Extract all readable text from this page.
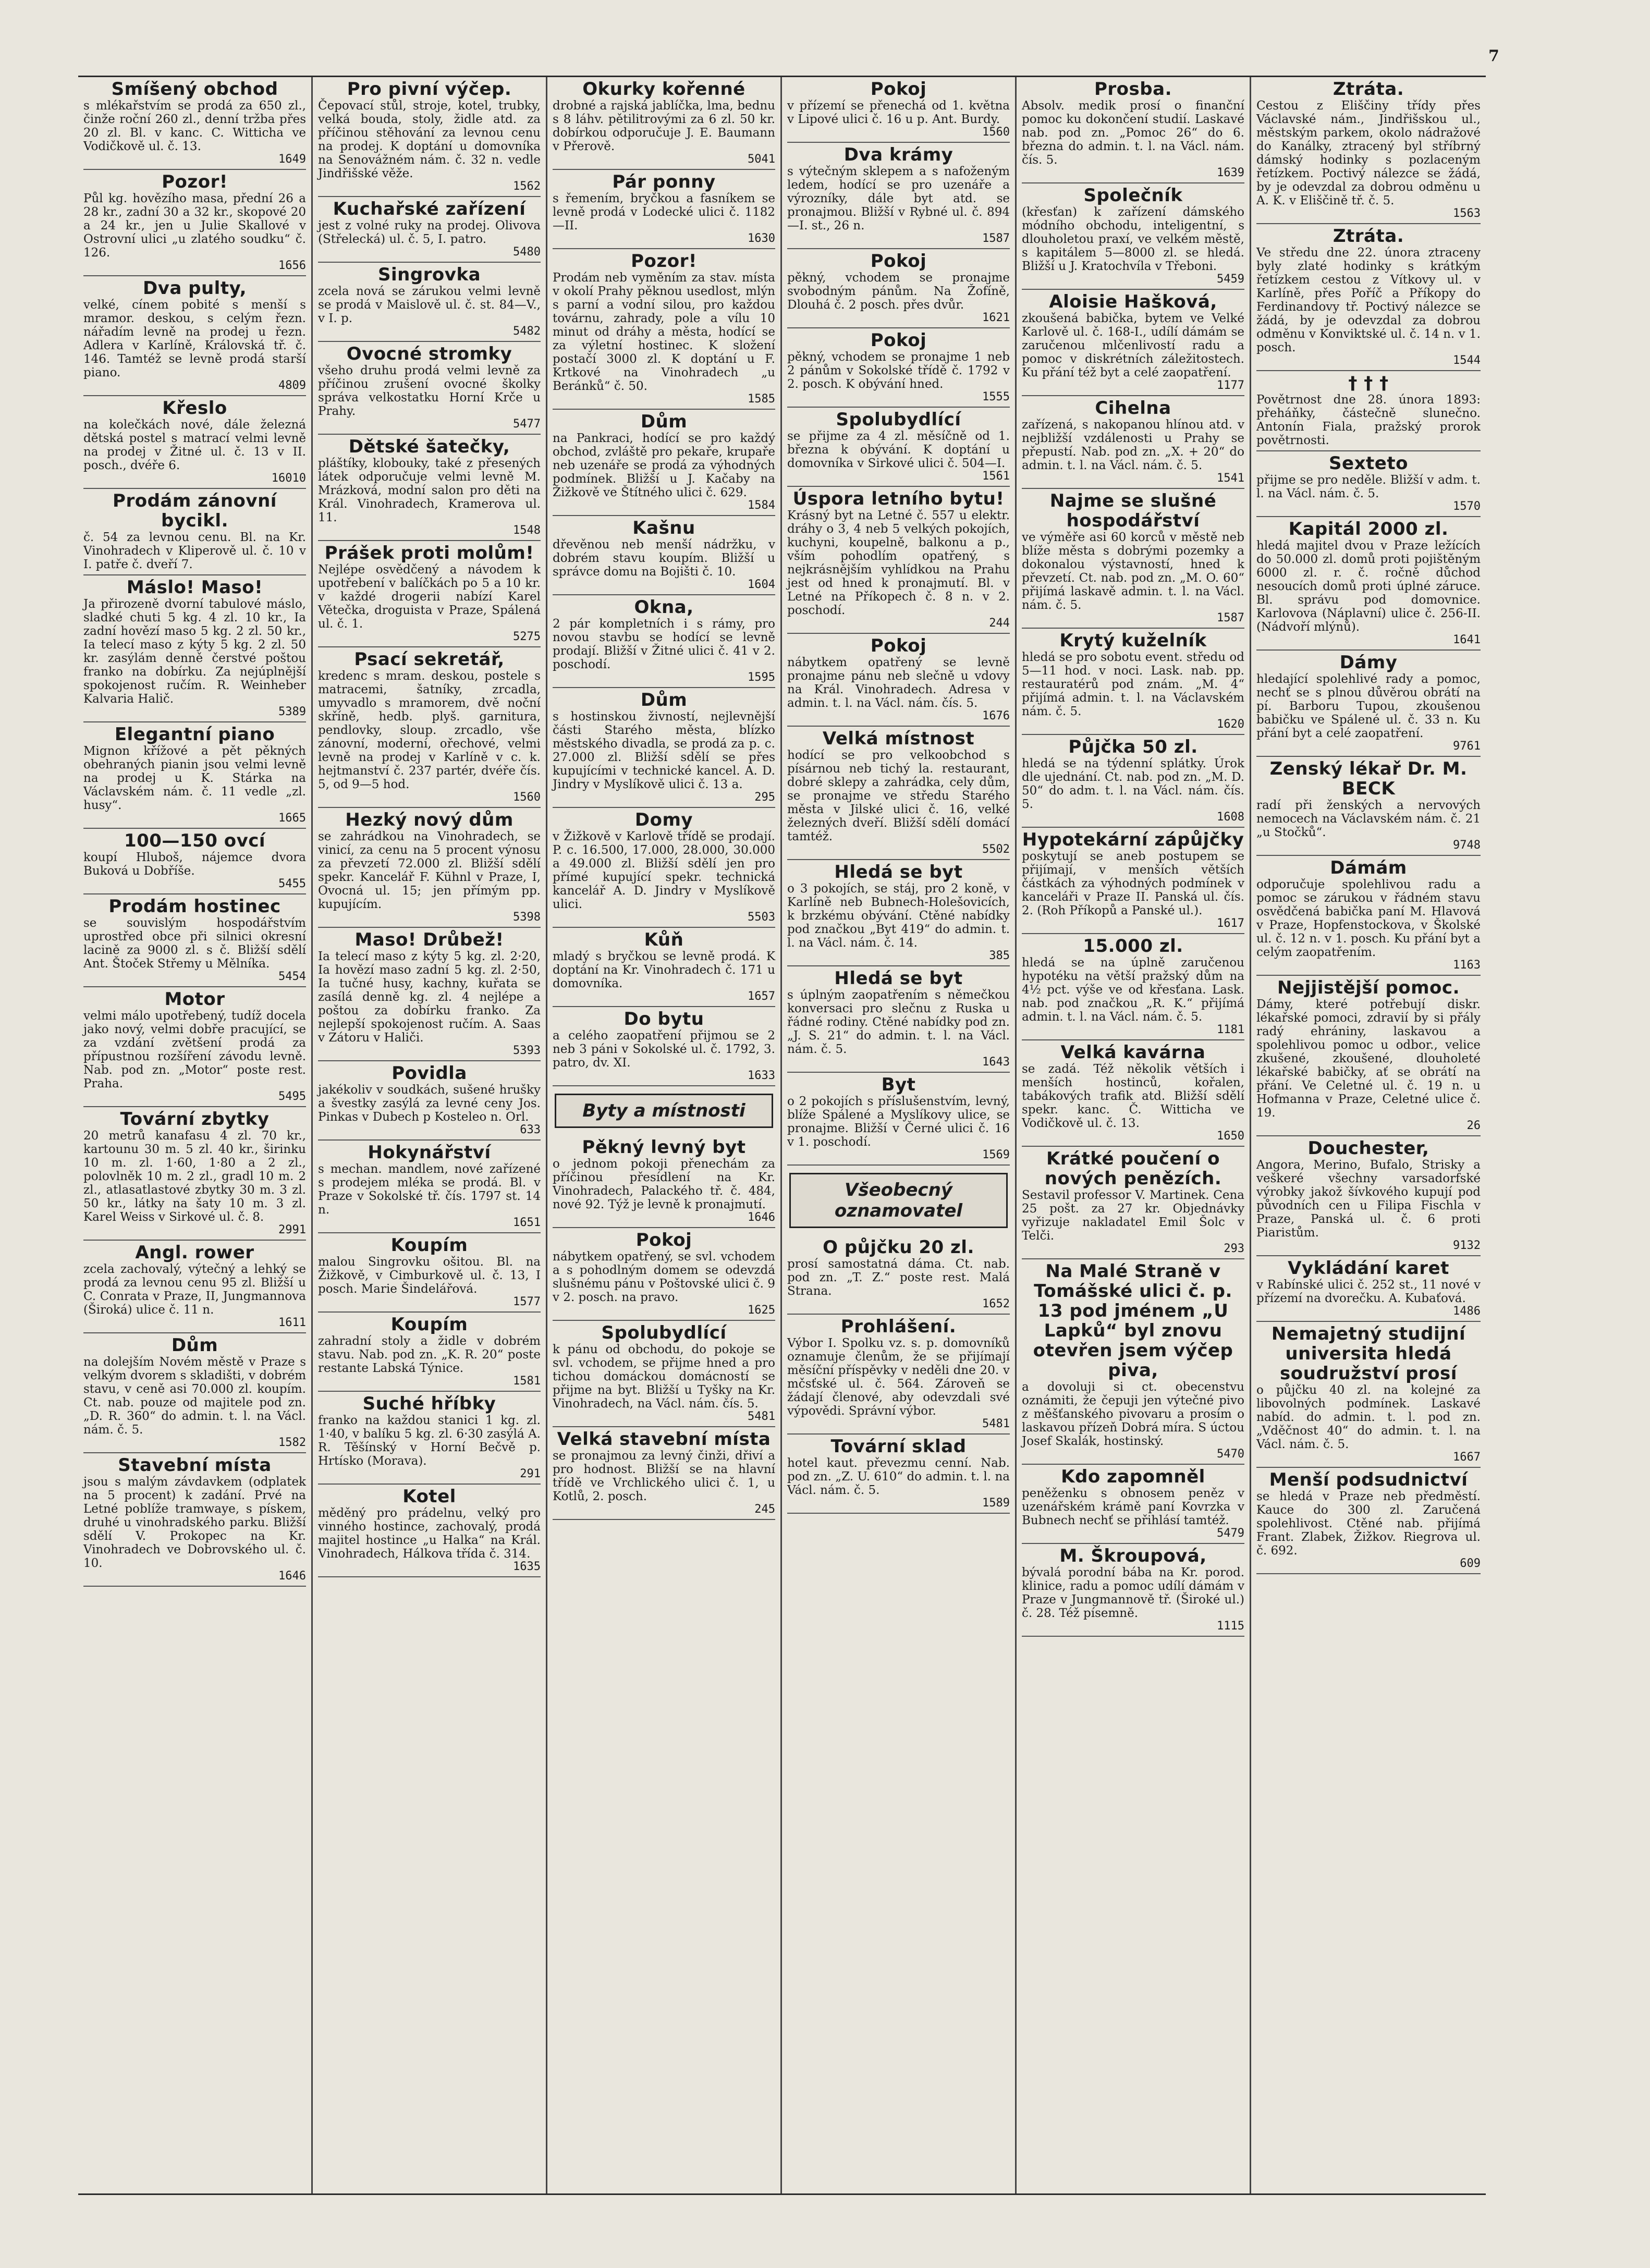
7
Smíšený obchod

s mlékařstvím se prodá za 650 zl., činže roční 260 zl., denní tržba přes 20 zl. Bl. v kanc. C. Witticha ve Vodičkově ul. č. 13.

1649
Pozor!

Půl kg. hovězího masa, přední 26 a 28 kr., zadní 30 a 32 kr., skopové 20 a 24 kr., jen u Julie Skallové v Ostrovní ulici „u zlatého soudku“ č. 126.

1656
Dva pulty,

velké, cínem pobité s menší s mramor. deskou, s celým řezn. nářadím levně na prodej u řezn. Adlera v Karlíně, Královská tř. č. 146. Tamtéž se levně prodá starší piano.

4809
Křeslo

na kolečkách nové, dále železná dětská postel s matrací velmi levně na prodej v Žitné ul. č. 13 v II. posch., dvéře 6.

16010
Prodám zánovní bycikl.

č. 54 za levnou cenu. Bl. na Kr. Vinohradech v Kliperově ul. č. 10 v I. patře č. dveří 7.

Máslo! Maso!

Ja přirozeně dvorní tabulové máslo, sladké chuti 5 kg. 4 zl. 10 kr., Ia zadní hovězí maso 5 kg. 2 zl. 50 kr., Ia telecí maso z kýty 5 kg. 2 zl. 50 kr. zasýlám denně čerstvé poštou franko na dobírku. Za nejúplnější spokojenost ručím. R. Weinheber Kalvaria Halič.

5389
Elegantní piano

Mignon křížové a pět pěkných obehraných pianin jsou velmi levně na prodej u K. Stárka na Václavském nám. č. 11 vedle „zl. husy“.

1665
100—150 ovcí

koupí Hluboš, nájemce dvora Buková u Dobříše.

5455
Prodám hostinec

se souvislým hospodářstvím uprostřed obce při silnici okresní lacině za 9000 zl. s č. Bližší sdělí Ant. Štoček Střemy u Mělníka.

5454
Motor

velmi málo upotřebený, tudíž docela jako nový, velmi dobře pracující, se za vzdání zvětšení prodá za přípustnou rozšíření závodu levně. Nab. pod zn. „Motor“ poste rest. Praha.

5495
Tovární zbytky

20 metrů kanafasu 4 zl. 70 kr., kartounu 30 m. 5 zl. 40 kr., širinku 10 m. zl. 1·60, 1·80 a 2 zl., polovlněk 10 m. 2 zl., gradl 10 m. 2 zl., atlasatlastové zbytky 30 m. 3 zl. 50 kr., látky na šaty 10 m. 3 zl. Karel Weiss v Sirkové ul. č. 8.

2991
Angl. rower

zcela zachovalý, výtečný a lehký se prodá za levnou cenu 95 zl. Bližší u C. Conrata v Praze, II, Jungmannova (Široká) ulice č. 11 n.

1611
Dům

na dolejším Novém městě v Praze s velkým dvorem s skladišti, v dobrém stavu, v ceně asi 70.000 zl. koupím. Ct. nab. pouze od majitele pod zn. „D. R. 360“ do admin. t. l. na Václ. nám. č. 5.

1582
Stavební místa

jsou s malým závdavkem (odplatek na 5 procent) k zadání. Prvé na Letné poblíže tramwaye, s pískem, druhé u vinohradského parku. Bližší sdělí V. Prokopec na Kr. Vinohradech ve Dobrovského ul. č. 10.

1646
Pro pivní výčep.

Čepovací stůl, stroje, kotel, trubky, velká bouda, stoly, židle atd. za příčinou stěhování za levnou cenu na prodej. K doptání u domovníka na Senovážném nám. č. 32 n. vedle Jindřišské věže.

1562
Kuchařské zařízení

jest z volné ruky na prodej. Olivova (Střelecká) ul. č. 5, I. patro.

5480
Singrovka

zcela nová se zárukou velmi levně se prodá v Maislově ul. č. st. 84—V., v I. p.

5482
Ovocné stromky

všeho druhu prodá velmi levně za příčinou zrušení ovocné školky správa velkostatku Horní Krče u Prahy.

5477
Dětské šatečky,

pláštíky, klobouky, také z přesených látek odporučuje velmi levně M. Mrázková, modní salon pro děti na Král. Vinohradech, Kramerova ul. 11.

1548
Prášek proti molům!

Nejlépe osvědčený a návodem k upotřebení v balíčkách po 5 a 10 kr. v každé drogerii nabízí Karel Větečka, droguista v Praze, Spálená ul. č. 1.

5275
Psací sekretář,

kredenc s mram. deskou, postele s matracemi, šatníky, zrcadla, umyvadlo s mramorem, dvě noční skříně, hedb. plyš. garnitura, pendlovky, sloup. zrcadlo, vše zánovní, moderní, ořechové, velmi levně na prodej v Karlíně v c. k. hejtmanství č. 237 partér, dvéře čís. 5, od 9—5 hod.

1560
Hezký nový dům

se zahrádkou na Vinohradech, se vinicí, za cenu na 5 procent výnosu za převzetí 72.000 zl. Bližší sdělí spekr. Kancelář F. Kühnl v Praze, I, Ovocná ul. 15; jen přímým pp. kupujícím.

5398
Maso! Drůbež!

Ia telecí maso z kýty 5 kg. zl. 2·20, Ia hovězí maso zadní 5 kg. zl. 2·50, Ia tučné husy, kachny, kuřata se zasílá denně kg. zl. 4 nejlépe a poštou za dobírku franko. Za nejlepší spokojenost ručím. A. Saas v Zátoru v Haliči.

5393
Povidla

jakékoliv v soudkách, sušené hrušky a švestky zasýlá za levné ceny Jos. Pinkas v Dubech p Kosteleo n. Orl.

633
Hokynářství

s mechan. mandlem, nové zařízené s prodejem mléka se prodá. Bl. v Praze v Sokolské tř. čís. 1797 st. 14 n.

1651
Koupím

malou Singrovku ošitou. Bl. na Žižkově, v Cimburkově ul. č. 13, I posch. Marie Šindelářová.

1577
Koupím

zahradní stoly a židle v dobrém stavu. Nab. pod zn. „K. R. 20“ poste restante Labská Týnice.

1581
Suché hříbky

franko na každou stanici 1 kg. zl. 1·40, v balíku 5 kg. zl. 6·30 zasýlá A. R. Těšínský v Horní Bečvě p. Hrtísko (Morava).

291
Kotel

měděný pro prádelnu, velký pro vinného hostince, zachovalý, prodá majitel hostince „u Halka“ na Král. Vinohradech, Hálkova třída č. 314.

1635
Okurky kořenné

drobné a rajská jablíčka, lma, bednu s 8 láhv. pětilitrovými za 6 zl. 50 kr. dobírkou odporučuje J. E. Baumann v Přerově.

5041
Pár ponny

s řemením, bryčkou a fasníkem se levně prodá v Lodecké ulici č. 1182—II.

1630
Pozor!

Prodám neb vyměním za stav. místa v okolí Prahy pěknou usedlost, mlýn s parní a vodní silou, pro každou továrnu, zahrady, pole a vílu 10 minut od dráhy a města, hodící se za výletní hostinec. K složení postačí 3000 zl. K doptání u F. Krtkové na Vinohradech „u Beránků“ č. 50.

1585
Dům

na Pankraci, hodící se pro každý obchod, zvláště pro pekaře, krupaře neb uzenáře se prodá za výhodných podmínek. Bližší u J. Kačaby na Žižkově ve Štítného ulici č. 629.

1584
Kašnu

dřevěnou neb menší nádržku, v dobrém stavu koupím. Bližší u správce domu na Bojišti č. 10.

1604
Okna,

2 pár kompletních i s rámy, pro novou stavbu se hodící se levně prodají. Bližší v Žitné ulici č. 41 v 2. poschodí.

1595
Dům

s hostinskou živností, nejlevnější části Starého města, blízko městského divadla, se prodá za p. c. 27.000 zl. Bližší sdělí se přes kupujícími v technické kancel. A. D. Jindry v Myslíkově ulici č. 13 a.

295
Domy

v Žižkově v Karlově třídě se prodají. P. c. 16.500, 17.000, 28.000, 30.000 a 49.000 zl. Bližší sdělí jen pro přímé kupující spekr. technická kancelář A. D. Jindry v Myslíkově ulici.

5503
Kůň

mladý s bryčkou se levně prodá. K doptání na Kr. Vinohradech č. 171 u domovníka.

1657
Do bytu

a celého zaopatření přijmou se 2 neb 3 páni v Sokolské ul. č. 1792, 3. patro, dv. XI.

1633
Byty a místnosti
Pěkný levný byt

o jednom pokoji přenechám za příčinou přesídlení na Kr. Vinohradech, Palackého tř. č. 484, nové 92. Týž je levně k pronajmutí.

1646
Pokoj

nábytkem opatřený, se svl. vchodem a s pohodlným domem se odevzdá slušnému pánu v Poštovské ulici č. 9 v 2. posch. na pravo.

1625
Spolubydlící

k pánu od obchodu, do pokoje se svl. vchodem, se přijme hned a pro tichou domáckou domácností se přijme na byt. Bližší u Tyšky na Kr. Vinohradech, na Václ. nám. čís. 5.

5481
Velká stavební místa

se pronajmou za levný činži, dřiví a pro hodnost. Bližší se na hlavní třídě ve Vrchlického ulici č. 1, u Kotlů, 2. posch.

245
Pokoj

v přízemí se přenechá od 1. května v Lipové ulici č. 16 u p. Ant. Burdy.

1560
Dva krámy

s výtečným sklepem a s nafoženým ledem, hodící se pro uzenáře a výrozníky, dále byt atd. se pronajmou. Bližší v Rybné ul. č. 894—I. st., 26 n.

1587
Pokoj

pěkný, vchodem se pronajme svobodným pánům. Na Žofíně, Dlouhá č. 2 posch. přes dvůr.

1621
Pokoj

pěkný, vchodem se pronajme 1 neb 2 pánům v Sokolské třídě č. 1792 v 2. posch. K obývání hned.

1555
Spolubydlící

se přijme za 4 zl. měsíčně od 1. března k obývání. K doptání u domovníka v Sirkové ulici č. 504—I.

1561
Úspora letního bytu!

Krásný byt na Letné č. 557 u elektr. dráhy o 3, 4 neb 5 velkých pokojích, kuchyni, koupelně, balkonu a p., vším pohodlím opatřený, s nejkrásnějším vyhlídkou na Prahu jest od hned k pronajmutí. Bl. v Letné na Příkopech č. 8 n. v 2. poschodí.

244
Pokoj

nábytkem opatřený se levně pronajme pánu neb slečně u vdovy na Král. Vinohradech. Adresa v admin. t. l. na Václ. nám. čís. 5.

1676
Velká místnost

hodící se pro velkoobchod s písárnou neb tichý la. restaurant, dobré sklepy a zahrádka, cely dům, se pronajme ve středu Starého města v Jilské ulici č. 16, velké železných dveří. Bližší sdělí domácí tamtéž.

5502
Hledá se byt

o 3 pokojích, se stáj, pro 2 koně, v Karlíně neb Bubnech-Holešovicích, k brzkému obývání. Ctěné nabídky pod značkou „Byt 419“ do admin. t. l. na Václ. nám. č. 14.

385
Hledá se byt

s úplným zaopatřením s němečkou konversaci pro slečnu z Ruska u řádné rodiny. Ctěné nabídky pod zn. „J. S. 21“ do admin. t. l. na Václ. nám. č. 5.

1643
Byt

o 2 pokojích s příslušenstvím, levný, blíže Spálené a Myslíkovy ulice, se pronajme. Bližší v Černé ulici č. 16 v 1. poschodí.

1569
Všeobecný oznamovatel
O půjčku 20 zl.

prosí samostatná dáma. Ct. nab. pod zn. „T. Z.“ poste rest. Malá Strana.

1652
Prohlášení.

Výbor I. Spolku vz. s. p. domovníků oznamuje členům, že se přijímají měsíční příspěvky v neděli dne 20. v mčsťské ul. č. 564. Zároveň se žádají členové, aby odevzdali své výpovědi. Správní výbor.

5481
Tovární sklad

hotel kaut. převezmu cenní. Nab. pod zn. „Z. U. 610“ do admin. t. l. na Václ. nám. č. 5.

1589
Prosba.

Absolv. medik prosí o finanční pomoc ku dokončení studií. Laskavé nab. pod zn. „Pomoc 26“ do 6. března do admin. t. l. na Václ. nám. čís. 5.

1639
Společník

(křesťan) k zařízení dámského módního obchodu, inteligentní, s dlouholetou praxí, ve velkém městě, s kapitálem 5—8000 zl. se hledá. Bližší u J. Kratochvíla v Třeboni.

5459
Aloisie Hašková,

zkoušená babička, bytem ve Velké Karlově ul. č. 168-I., udílí dámám se zaručenou mlčenlivostí radu a pomoc v diskrétních záležitostech. Ku přání též byt a celé zaopatření.

1177
Cihelna

zařízená, s nakopanou hlínou atd. v nejbližší vzdálenosti u Prahy se přepustí. Nab. pod zn. „X. + 20“ do admin. t. l. na Václ. nám. č. 5.

1541
Najme se slušné hospodářství

ve výměře asi 60 korců v městě neb blíže města s dobrými pozemky a dokonalou výstavností, hned k převzetí. Ct. nab. pod zn. „M. O. 60“ přijímá laskavě admin. t. l. na Václ. nám. č. 5.

1587
Krytý kuželník

hledá se pro sobotu event. středu od 5—11 hod. v noci. Lask. nab. pp. restauratérů pod znám. „M. 4“ přijímá admin. t. l. na Václavském nám. č. 5.

1620
Půjčka 50 zl.

hledá se na týdenní splátky. Úrok dle ujednání. Ct. nab. pod zn. „M. D. 50“ do adm. t. l. na Václ. nám. čís. 5.

1608
Hypotekární zápůjčky

poskytují se aneb postupem se přijímají, v menších větších částkách za výhodných podmínek v kanceláři v Praze II. Panská ul. čís. 2. (Roh Příkopů a Panské ul.).

1617
15.000 zl.

hledá se na úplně zaručenou hypotéku na větší pražský dům na 4½ pct. výše ve od křesťana. Lask. nab. pod značkou „R. K.“ přijímá admin. t. l. na Václ. nám. č. 5.

1181
Velká kavárna

se zadá. Též několik větších i menších hostinců, kořalen, tabákových trafik atd. Bližší sdělí spekr. kanc. Č. Witticha ve Vodičkově ul. č. 13.

1650
Krátké poučení o nových penězích.

Sestavil professor V. Martinek. Cena 25 pošt. za 27 kr. Objednávky vyřizuje nakladatel Emil Šolc v Telči.

293
Na Malé Straně v Tomášské ulici č. p. 13 pod jménem „U Lapků“ byl znovu otevřen jsem výčep piva,

a dovoluji si ct. obecenstvu oznámiti, že čepuji jen výtečné pivo z měšťanského pivovaru a prosím o laskavou přízeň Dobrá míra. S úctou Josef Skalák, hostinský.

5470
Kdo zapomněl

peněženku s obnosem peněz v uzenářském krámě paní Kovrzka v Bubnech nechť se přihlásí tamtéž.

5479
M. Škroupová,

bývalá porodní bába na Kr. porod. klinice, radu a pomoc udílí dámám v Praze v Jungmannově tř. (Široké ul.) č. 28. Též písemně.

1115
Ztráta.

Cestou z Eliščiny třídy přes Václavské nám., Jindřišskou ul., městským parkem, okolo nádražové do Kanálky, ztracený byl stříbrný dámský hodinky s pozlaceným řetízkem. Poctivý nálezce se žádá, by je odevzdal za dobrou odměnu u A. K. v Eliščině tř. č. 5.

1563
Ztráta.

Ve středu dne 22. února ztraceny byly zlaté hodinky s krátkým řetízkem cestou z Vítkovy ul. v Karlíně, přes Poříč a Příkopy do Ferdinandovy tř. Poctivý nálezce se žádá, by je odevzdal za dobrou odměnu v Konviktské ul. č. 14 n. v 1. posch.

1544
† † †

Povětrnost dne 28. února 1893: přeháňky, částečně slunečno. Antonín Fiala, pražský prorok povětrnosti.

Sexteto

přijme se pro neděle. Bližší v adm. t. l. na Václ. nám. č. 5.

1570
Kapitál 2000 zl.

hledá majitel dvou v Praze ležících do 50.000 zl. domů proti pojištěným 6000 zl. r. č. ročně důchod nesoucích domů proti úplné záruce. Bl. správu pod domovnice. Karlovova (Náplavní) ulice č. 256-II. (Nádvoří mlýnů).

1641
Dámy

hledající spolehlivé rady a pomoc, nechť se s plnou důvěrou obrátí na pí. Barboru Tupou, zkoušenou babičku ve Spálené ul. č. 33 n. Ku přání byt a celé zaopatření.

9761
Zenský lékař Dr. M. BECK

radí při ženských a nervových nemocech na Václavském nám. č. 21 „u Stočků“.

9748
Dámám

odporučuje spolehlivou radu a pomoc se zárukou v řádném stavu osvědčená babička paní M. Hlavová v Praze, Hopfenstockova, v Školské ul. č. 12 n. v 1. posch. Ku přání byt a celým zaopatřením.

1163
Nejjistější pomoc.

Dámy, které potřebují diskr. lékařské pomoci, zdravií by si přály radý ehrániny, laskavou a spolehlivou pomoc u odbor., velice zkušené, zkoušené, dlouholeté lékařské babičky, ať se obrátí na přání. Ve Celetné ul. č. 19 n. u Hofmanna v Praze, Celetné ulice č. 19.

26
Douchester,

Angora, Merino, Bufalo, Strisky a veškeré všechny varsadorfské výrobky jakož šívkového kupují pod původních cen u Filipa Fischla v Praze, Panská ul. č. 6 proti Piaristům.

9132
Vykládání karet

v Rabínské ulici č. 252 st., 11 nové v přízemí na dvorečku. A. Kubaťová.

1486
Nemajetný studijní universita hledá soudružství prosí

o půjčku 40 zl. na kolejné za libovolných podmínek. Laskavé nabíd. do admin. t. l. pod zn. „Vděčnost 40“ do admin. t. l. na Václ. nám. č. 5.

1667
Menší podsudnictví

se hledá v Praze neb předměstí. Kauce do 300 zl. Zaručená spolehlivost. Ctěné nab. přijímá Frant. Zlabek, Žižkov. Riegrova ul. č. 692.

609
